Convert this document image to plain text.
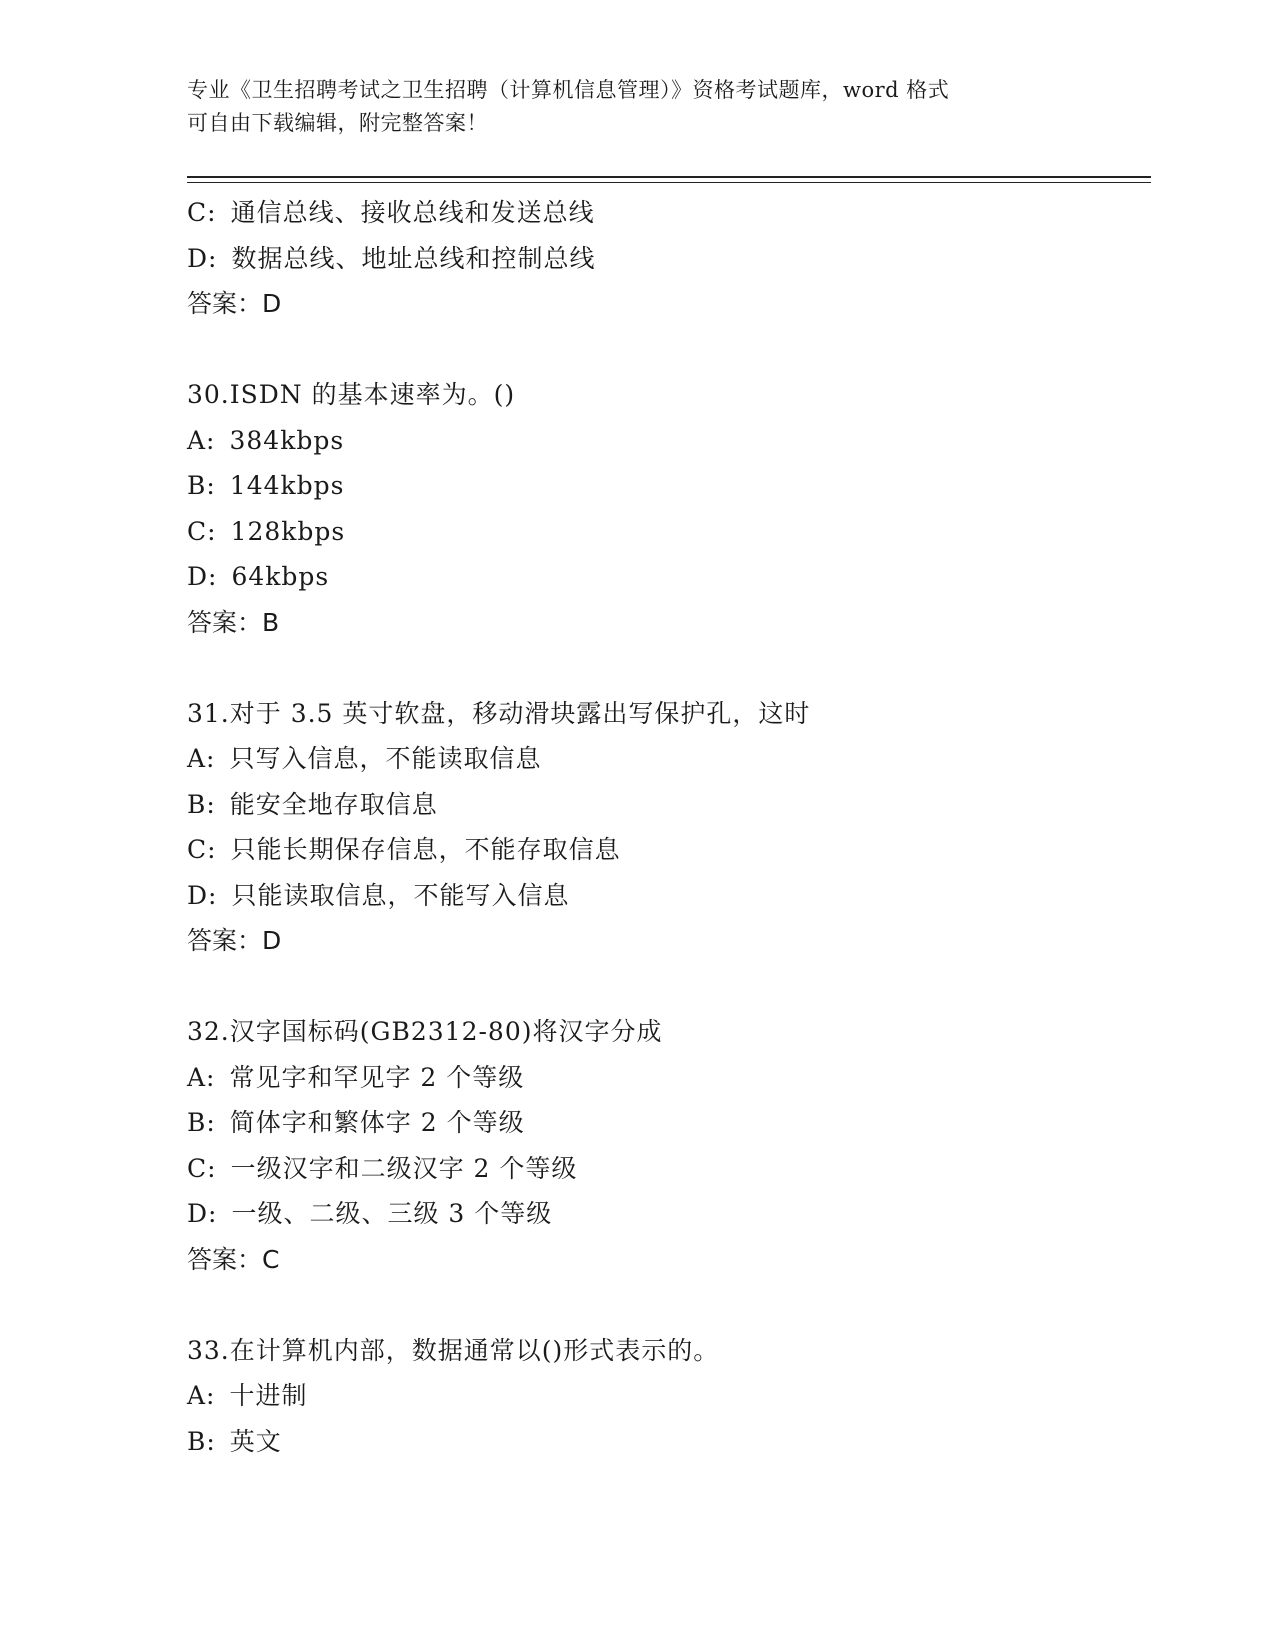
专业《卫生招聘考试之卫生招聘（计算机信息管理）》资格考试题库，word 格式
可自由下载编辑，附完整答案！
C: 通信总线、接收总线和发送总线
D: 数据总线、地址总线和控制总线
答案：D
30.ISDN 的基本速率为。()
A: 384kbps
B: 144kbps
C: 128kbps
D: 64kbps
答案：B
31.对于 3.5 英寸软盘，移动滑块露出写保护孔，这时
A: 只写入信息，不能读取信息
B: 能安全地存取信息
C: 只能长期保存信息，不能存取信息
D: 只能读取信息，不能写入信息
答案：D
32.汉字国标码(GB2312-80)将汉字分成
A: 常见字和罕见字 2 个等级
B: 简体字和繁体字 2 个等级
C: 一级汉字和二级汉字 2 个等级
D: 一级、二级、三级 3 个等级
答案：C
33.在计算机内部，数据通常以()形式表示的。
A: 十进制
B: 英文
